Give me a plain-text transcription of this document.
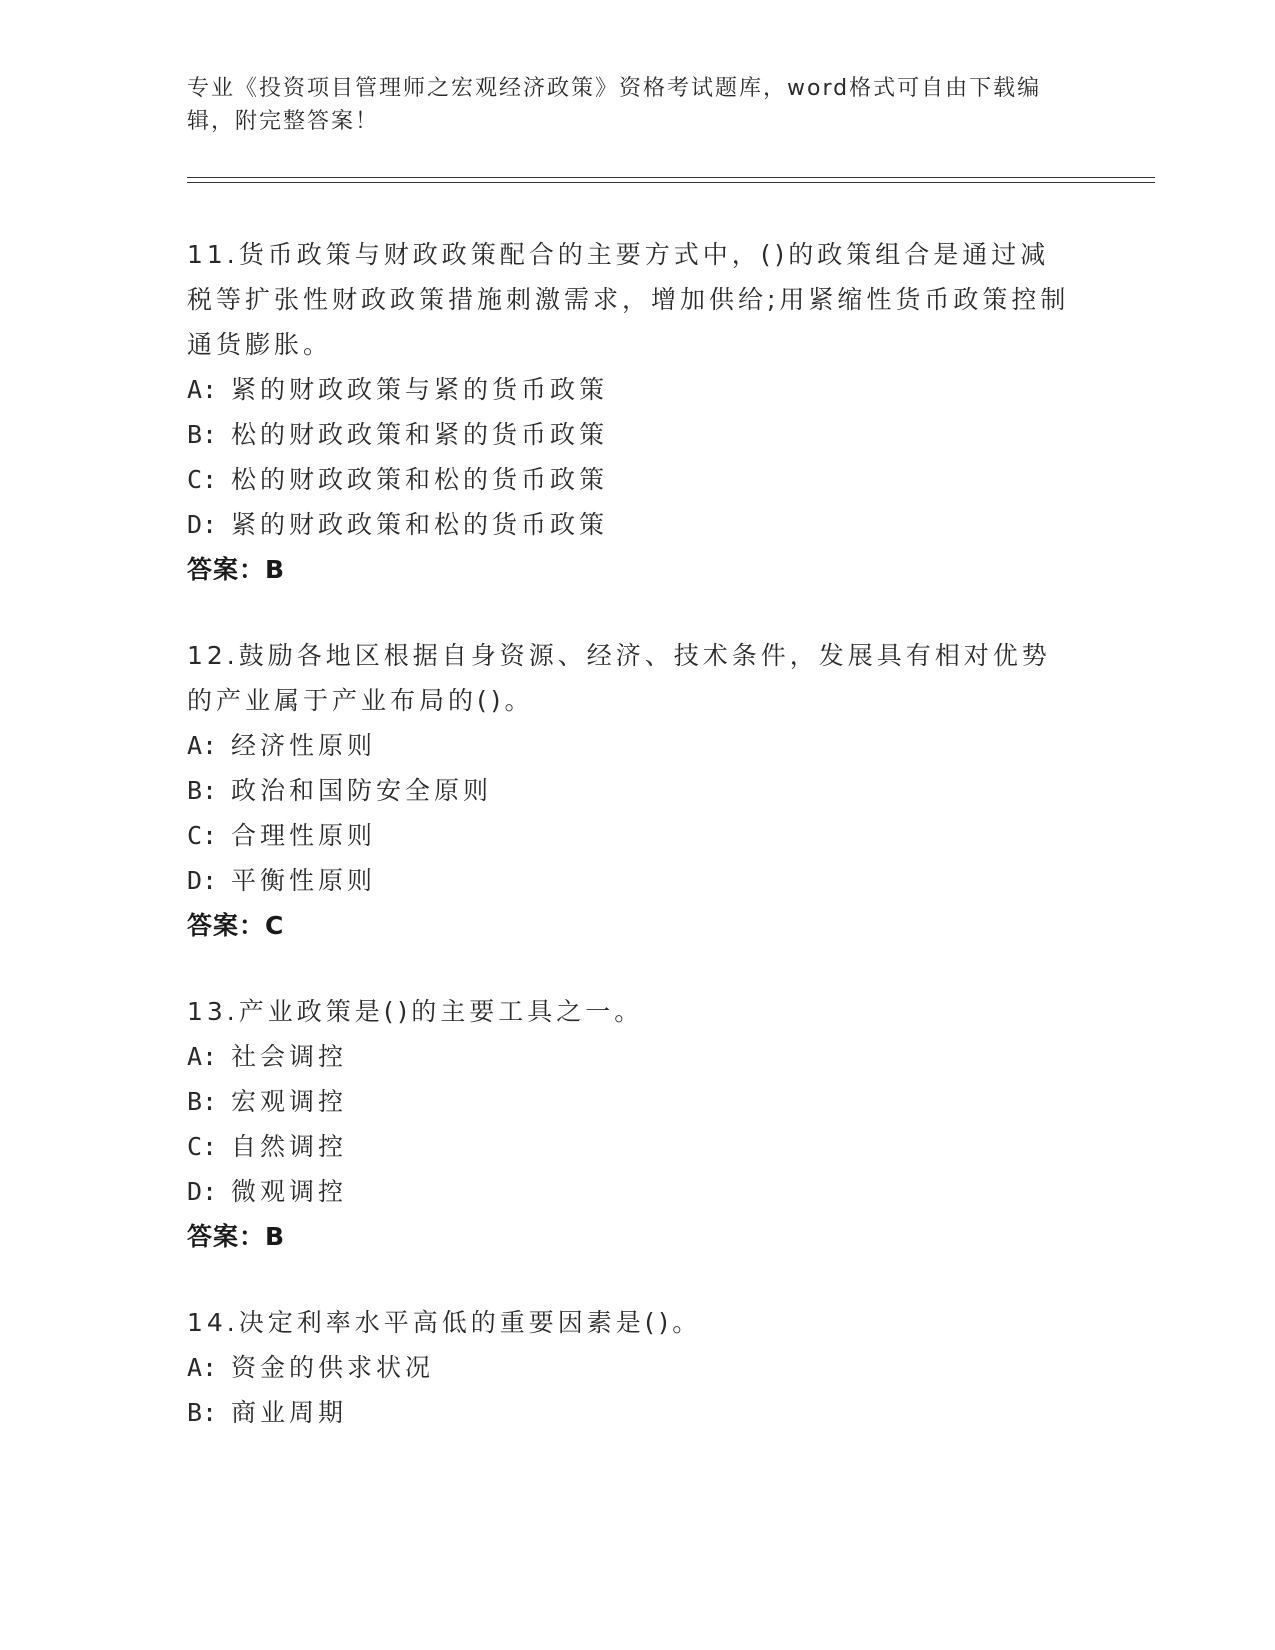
专业《投资项目管理师之宏观经济政策》资格考试题库，word格式可自由下载编辑，附完整答案！

11.货币政策与财政政策配合的主要方式中，()的政策组合是通过减税等扩张性财政政策措施刺激需求，增加供给;用紧缩性货币政策控制通货膨胀。

A: 紧的财政政策与紧的货币政策
B: 松的财政政策和紧的货币政策
C: 松的财政政策和松的货币政策
D: 紧的财政政策和松的货币政策
答案：B

12.鼓励各地区根据自身资源、经济、技术条件，发展具有相对优势的产业属于产业布局的()。

A: 经济性原则
B: 政治和国防安全原则
C: 合理性原则
D: 平衡性原则
答案：C

13.产业政策是()的主要工具之一。

A: 社会调控
B: 宏观调控
C: 自然调控
D: 微观调控
答案：B

14.决定利率水平高低的重要因素是()。

A: 资金的供求状况
B: 商业周期
